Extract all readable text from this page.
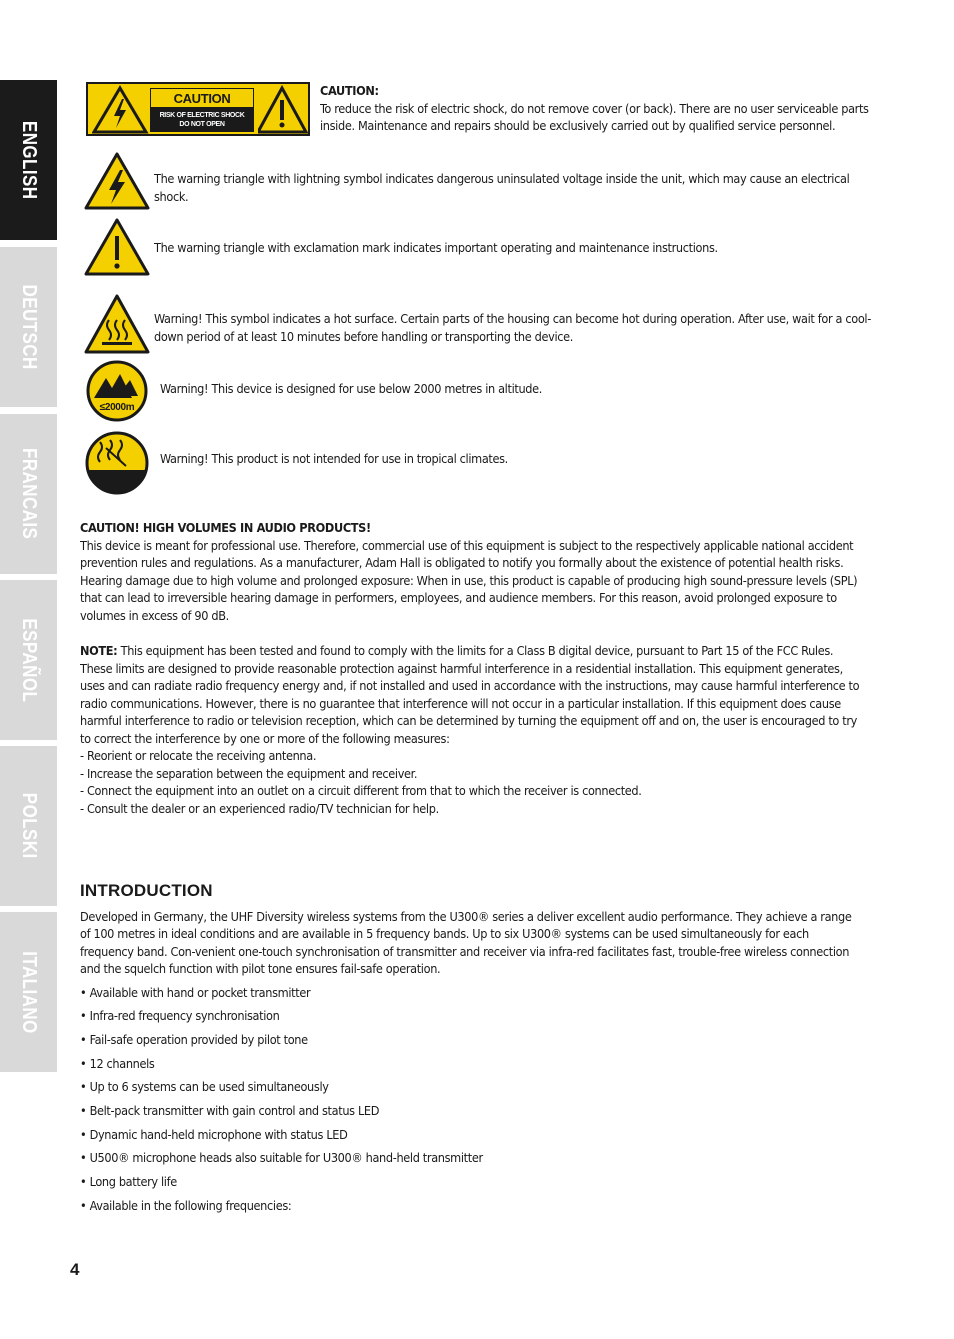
ENGLISH
DEUTSCH
FRANCAIS
ESPAÑOL
POLSKI
ITALIANO
CAUTION
RISK OF ELECTRIC SHOCK
DO NOT OPEN
CAUTION:
To reduce the risk of electric shock, do not remove cover (or back). There are no user serviceable parts inside. Maintenance and repairs should be exclusively carried out by qualified service personnel.
The warning triangle with lightning symbol indicates dangerous uninsulated voltage inside the unit, which may cause an electrical shock.
The warning triangle with exclamation mark indicates important operating and maintenance instructions.
Warning! This symbol indicates a hot surface. Certain parts of the housing can become hot during operation. After use, wait for a cool-down period of at least 10 minutes before handling or transporting the device.
≤2000m
Warning! This device is designed for use below 2000 metres in altitude.
Warning! This product is not intended for use in tropical climates.
CAUTION! HIGH VOLUMES IN AUDIO PRODUCTS!

This device is meant for professional use. Therefore, commercial use of this equipment is subject to the respectively applicable national accident prevention rules and regulations. As a manufacturer, Adam Hall is obligated to notify you formally about the existence of potential health risks. Hearing damage due to high volume and prolonged exposure: When in use, this product is capable of producing high sound-pressure levels (SPL) that can lead to irreversible hearing damage in performers, employees, and audience members. For this reason, avoid prolonged exposure to volumes in excess of 90 dB.

NOTE: This equipment has been tested and found to comply with the limits for a Class B digital device, pursuant to Part 15 of the FCC Rules. These limits are designed to provide reasonable protection against harmful interference in a residential installation. This equipment generates, uses and can radiate radio frequency energy and, if not installed and used in accordance with the instructions, may cause harmful interference to radio communications. However, there is no guarantee that interference will not occur in a particular installation. If this equipment does cause harmful interference to radio or television reception, which can be determined by turning the equipment off and on, the user is encouraged to try to correct the interference by one or more of the following measures:

- Reorient or relocate the receiving antenna.
- Increase the separation between the equipment and receiver.
- Connect the equipment into an outlet on a circuit different from that to which the receiver is connected.
- Consult the dealer or an experienced radio/TV technician for help.
INTRODUCTION

Developed in Germany, the UHF Diversity wireless systems from the U300® series a deliver excellent audio performance. They achieve a range of 100 metres in ideal conditions and are available in 5 frequency bands. Up to six U300® systems can be used simultaneously for each frequency band. Con-venient one-touch synchronisation of transmitter and receiver via infra-red facilitates fast, trouble-free wireless connection and the squelch function with pilot tone ensures fail-safe operation.

• Available with hand or pocket transmitter
• Infra-red frequency synchronisation
• Fail-safe operation provided by pilot tone
• 12 channels
• Up to 6 systems can be used simultaneously
• Belt-pack transmitter with gain control and status LED
• Dynamic hand-held microphone with status LED
• U500® microphone heads also suitable for U300® hand-held transmitter
• Long battery life
• Available in the following frequencies:
4
